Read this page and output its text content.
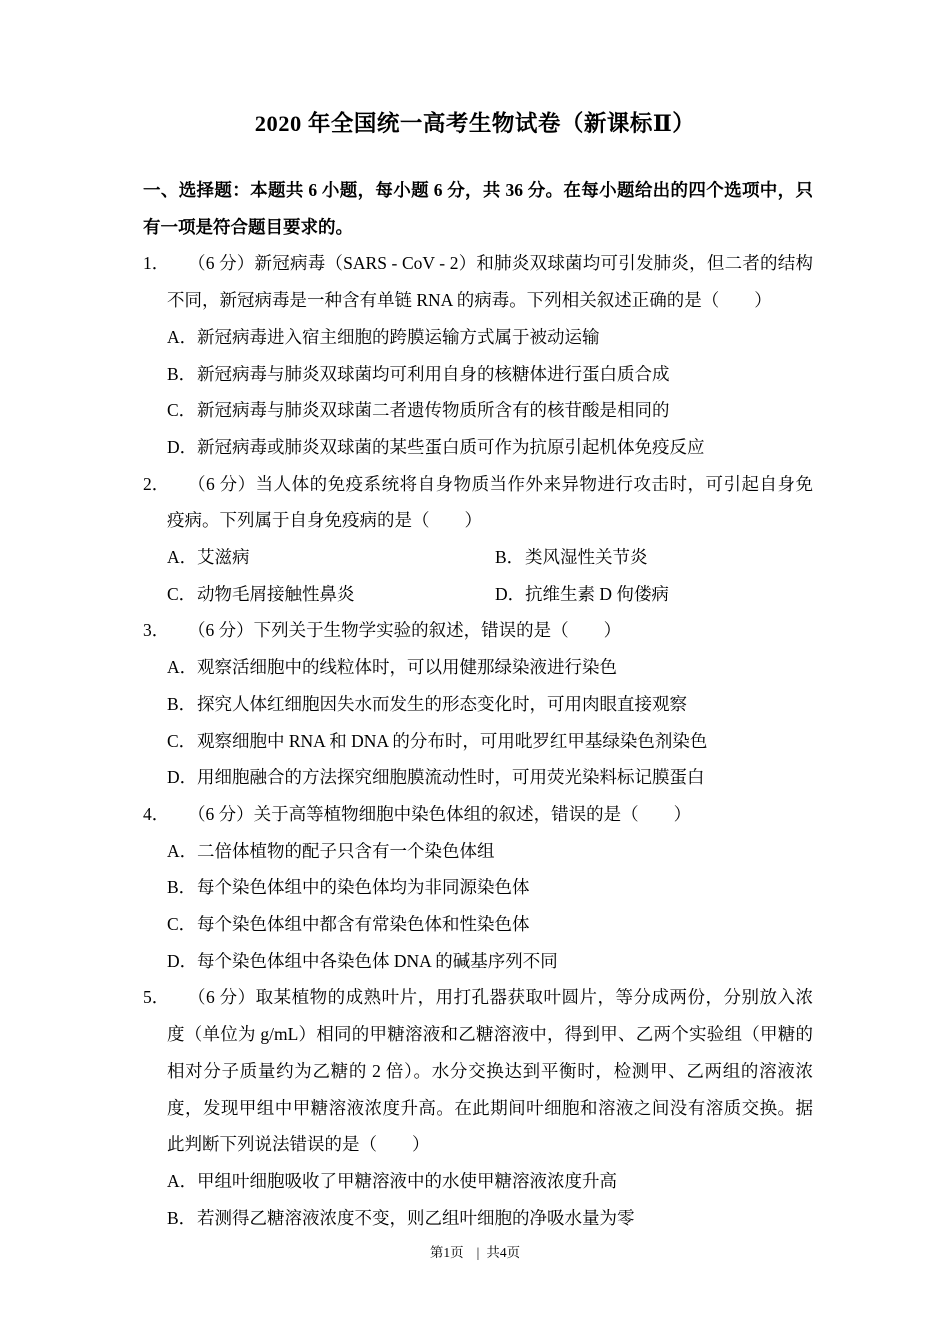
2020 年全国统一高考生物试卷（新课标Ⅱ）

一、选择题：本题共 6 小题，每小题 6 分，共 36 分。在每小题给出的四个选项中，只有一项是符合题目要求的。

1． （6 分）新冠病毒（SARS - CoV - 2）和肺炎双球菌均可引发肺炎，但二者的结构不同，新冠病毒是一种含有单链 RNA 的病毒。下列相关叙述正确的是（　　）

A．新冠病毒进入宿主细胞的跨膜运输方式属于被动运输

B．新冠病毒与肺炎双球菌均可利用自身的核糖体进行蛋白质合成

C．新冠病毒与肺炎双球菌二者遗传物质所含有的核苷酸是相同的

D．新冠病毒或肺炎双球菌的某些蛋白质可作为抗原引起机体免疫反应

2． （6 分）当人体的免疫系统将自身物质当作外来异物进行攻击时，可引起自身免疫病。下列属于自身免疫病的是（　　）

A．艾滋病	B．类风湿性关节炎

C．动物毛屑接触性鼻炎	D．抗维生素 D 佝偻病

3． （6 分）下列关于生物学实验的叙述，错误的是（　　）

A．观察活细胞中的线粒体时，可以用健那绿染液进行染色

B．探究人体红细胞因失水而发生的形态变化时，可用肉眼直接观察

C．观察细胞中 RNA 和 DNA 的分布时，可用吡罗红甲基绿染色剂染色

D．用细胞融合的方法探究细胞膜流动性时，可用荧光染料标记膜蛋白

4． （6 分）关于高等植物细胞中染色体组的叙述，错误的是（　　）

A．二倍体植物的配子只含有一个染色体组

B．每个染色体组中的染色体均为非同源染色体

C．每个染色体组中都含有常染色体和性染色体

D．每个染色体组中各染色体 DNA 的碱基序列不同

5． （6 分）取某植物的成熟叶片，用打孔器获取叶圆片，等分成两份，分别放入浓度（单位为 g/mL）相同的甲糖溶液和乙糖溶液中，得到甲、乙两个实验组（甲糖的相对分子质量约为乙糖的 2 倍）。水分交换达到平衡时，检测甲、乙两组的溶液浓度，发现甲组中甲糖溶液浓度升高。在此期间叶细胞和溶液之间没有溶质交换。据此判断下列说法错误的是（　　）

A．甲组叶细胞吸收了甲糖溶液中的水使甲糖溶液浓度升高

B．若测得乙糖溶液浓度不变，则乙组叶细胞的净吸水量为零

第1页 | 共4页
